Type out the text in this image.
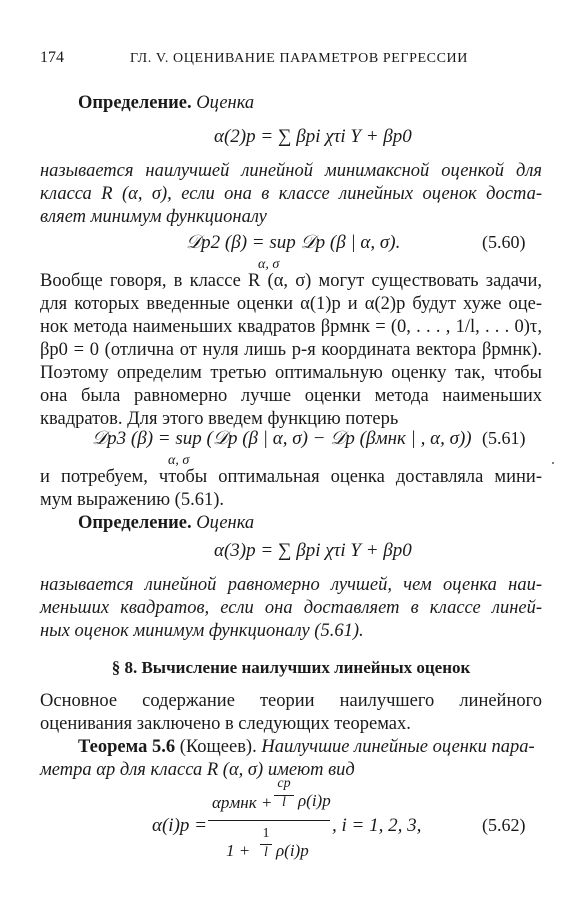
174	ГЛ. V. ОЦЕНИВАНИЕ ПАРАМЕТРОВ РЕГРЕССИИ
Определение. Оценка
α(2)p = ∑ βpi χτi Y + βp0
называется наилучшей линейной минимаксной оценкой для
класса R (α, σ), если она в классе линейных оценок доста-
вляет минимум функционалу
𝒟p2 (β) = sup 𝒟p (β | α, σ).
α, σ
(5.60)
Вообще говоря, в классе R (α, σ) могут существовать задачи,
для которых введенные оценки α(1)p и α(2)p будут хуже оце-
нок метода наименьших квадратов βpмнк = (0, . . . , 1/l, . . . 0)τ,
βp0 = 0 (отлична от нуля лишь p-я координата вектора βpмнк).
Поэтому определим третью оптимальную оценку так, чтобы
она была равномерно лучше оценки метода наименьших
квадратов. Для этого введем функцию потерь
𝒟p3 (β) = sup (𝒟p (β | α, σ) − 𝒟p (βмнк | , α, σ))
α, σ
(5.61)
и потребуем, чтобы оптимальная оценка доставляла мини-
мум выражению (5.61).
Определение. Оценка
α(3)p = ∑ βpi χτi Y + βp0
называется линейной равномерно лучшей, чем оценка наи-
меньших квадратов, если она доставляет в классе линей-
ных оценок минимум функционалу (5.61).
§ 8. Вычисление наилучших линейных оценок
Основное содержание теории наилучшего линейного
оценивания заключено в следующих теоремах.
Теорема 5.6 (Кощеев). Наилучшие линейные оценки пара-
метра αp для класса R (α, σ) имеют вид
α(i)p =
αpмнк +
cp
l ρ(i)p
1 +
1
l ρ(i)p
, i = 1, 2, 3,	(5.62)
